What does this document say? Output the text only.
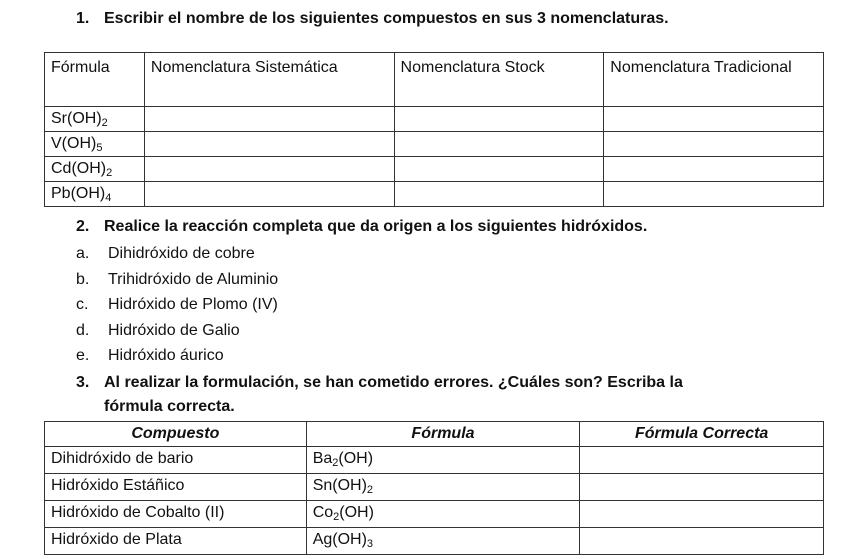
1. Escribir el nombre de los siguientes compuestos en sus 3 nomenclaturas.
Fórmula	Nomenclatura Sistemática	Nomenclatura Stock	Nomenclatura Tradicional
$Sr(OH)_2$			
$V(OH)_5$			
$Cd(OH)_2$			
$Pb(OH)_4$			
2. Realice la reacción completa que da origen a los siguientes hidróxidos.
a. Dihidróxido de cobre
b. Trihidróxido de Aluminio
c. Hidróxido de Plomo (IV)
d. Hidróxido de Galio
e. Hidróxido áurico
3. Al realizar la formulación, se han cometido errores. ¿Cuáles son? Escriba la
fórmula correcta.
Compuesto	Fórmula	Fórmula Correcta
Dihidróxido de bario	$Ba_2(OH)$	
Hidróxido Estáñico	$Sn(OH)_2$	
Hidróxido de Cobalto (II)	$Co_2(OH)$	
Hidróxido de Plata	$Ag(OH)_3$	
